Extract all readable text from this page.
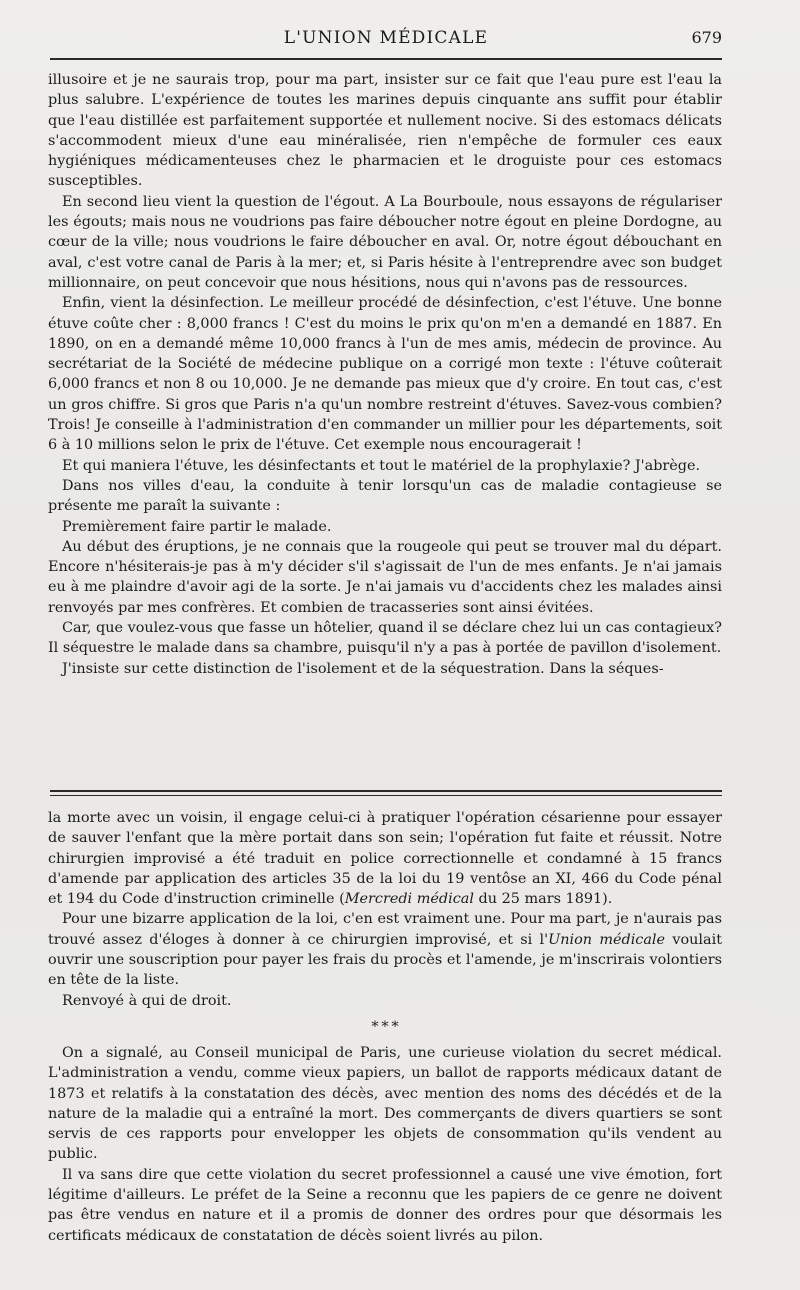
L'UNION MÉDICALE	679

illusoire et je ne saurais trop, pour ma part, insister sur ce fait que l'eau pure est l'eau la plus salubre. L'expérience de toutes les marines depuis cinquante ans suffit pour établir que l'eau distillée est parfaitement supportée et nullement nocive. Si des estomacs délicats s'accommodent mieux d'une eau minéralisée, rien n'empêche de formuler ces eaux hygiéniques médicamenteuses chez le pharmacien et le droguiste pour ces estomacs susceptibles.

En second lieu vient la question de l'égout. A La Bourboule, nous essayons de régulariser les égouts; mais nous ne voudrions pas faire déboucher notre égout en pleine Dordogne, au cœur de la ville; nous voudrions le faire déboucher en aval. Or, notre égout débouchant en aval, c'est votre canal de Paris à la mer; et, si Paris hésite à l'entreprendre avec son budget millionnaire, on peut concevoir que nous hésitions, nous qui n'avons pas de ressources.

Enfin, vient la désinfection. Le meilleur procédé de désinfection, c'est l'étuve. Une bonne étuve coûte cher : 8,000 francs ! C'est du moins le prix qu'on m'en a demandé en 1887. En 1890, on en a demandé même 10,000 francs à l'un de mes amis, médecin de province. Au secrétariat de la Société de médecine publique on a corrigé mon texte : l'étuve coûterait 6,000 francs et non 8 ou 10,000. Je ne demande pas mieux que d'y croire. En tout cas, c'est un gros chiffre. Si gros que Paris n'a qu'un nombre restreint d'étuves. Savez-vous combien? Trois! Je conseille à l'administration d'en commander un millier pour les départements, soit 6 à 10 millions selon le prix de l'étuve. Cet exemple nous encouragerait !

Et qui maniera l'étuve, les désinfectants et tout le matériel de la prophylaxie? J'abrège.

Dans nos villes d'eau, la conduite à tenir lorsqu'un cas de maladie contagieuse se présente me paraît la suivante :

Premièrement faire partir le malade.

Au début des éruptions, je ne connais que la rougeole qui peut se trouver mal du départ. Encore n'hésiterais-je pas à m'y décider s'il s'agissait de l'un de mes enfants. Je n'ai jamais eu à me plaindre d'avoir agi de la sorte. Je n'ai jamais vu d'accidents chez les malades ainsi renvoyés par mes confrères. Et combien de tracasseries sont ainsi évitées.

Car, que voulez-vous que fasse un hôtelier, quand il se déclare chez lui un cas contagieux? Il séquestre le malade dans sa chambre, puisqu'il n'y a pas à portée de pavillon d'isolement.

J'insiste sur cette distinction de l'isolement et de la séquestration. Dans la séques-

la morte avec un voisin, il engage celui-ci à pratiquer l'opération césarienne pour essayer de sauver l'enfant que la mère portait dans son sein; l'opération fut faite et réussit. Notre chirurgien improvisé a été traduit en police correctionnelle et condamné à 15 francs d'amende par application des articles 35 de la loi du 19 ventôse an XI, 466 du Code pénal et 194 du Code d'instruction criminelle (Mercredi médical du 25 mars 1891).

Pour une bizarre application de la loi, c'en est vraiment une. Pour ma part, je n'aurais pas trouvé assez d'éloges à donner à ce chirurgien improvisé, et si l'Union médicale voulait ouvrir une souscription pour payer les frais du procès et l'amende, je m'inscrirais volontiers en tête de la liste.

Renvoyé à qui de droit.

* * *

On a signalé, au Conseil municipal de Paris, une curieuse violation du secret médical. L'administration a vendu, comme vieux papiers, un ballot de rapports médicaux datant de 1873 et relatifs à la constatation des décès, avec mention des noms des décédés et de la nature de la maladie qui a entraîné la mort. Des commerçants de divers quartiers se sont servis de ces rapports pour envelopper les objets de consommation qu'ils vendent au public.

Il va sans dire que cette violation du secret professionnel a causé une vive émotion, fort légitime d'ailleurs. Le préfet de la Seine a reconnu que les papiers de ce genre ne doivent pas être vendus en nature et il a promis de donner des ordres pour que désormais les certificats médicaux de constatation de décès soient livrés au pilon.
